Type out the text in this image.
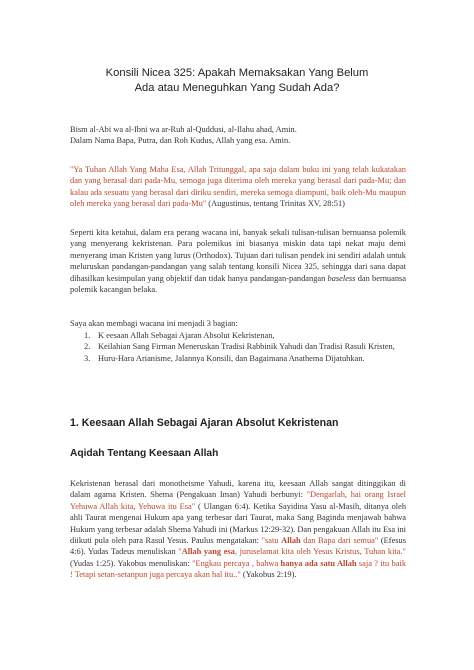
Konsili Nicea 325: Apakah Memaksakan Yang Belum
Ada atau Meneguhkan Yang Sudah Ada?
Bism al-Abi wa al-Ibni wa ar-Ruh al-Quddusi, al-Ilahu ahad, Amin.
Dalam Nama Bapa, Putra, dan Roh Kudus, Allah yang esa. Amin.

"Ya Tuhan Allah Yang Maha Esa, Allah Tritunggal, apa saja dalam buku ini yang telah kukatakan dan yang berasal dari pada-Mu, semoga juga diterima oleh mereka yang berasal dari pada-Mu; dan kalau ada sesuatu yang berasal dari diriku sendiri, mereka semoga diampuni, baik oleh-Mu maupun oleh mereka yang berasal dari pada-Mu" (Augustinus, tentang Trinitas XV, 28:51)

Seperti kita ketahui, dalam era perang wacana ini, banyak sekali tulisan-tulisan bernuansa polemik yang menyerang kekristenan. Para polemikus ini biasanya miskin data tapi nekat maju demi menyerang iman Kristen yang lurus (Orthodox). Tujuan dari tulisan pendek ini sendiri adalah untuk meluruskan pandangan-pandangan yang salah tentang konsili Nicea 325, sehingga dari sana dapat dihasilkan kesimpulan yang objektif dan tidak hanya pandangan-pandangan baseless dan bernuansa polemik kacangan belaka.

Saya akan membagi wacana ini menjadi 3 bagian:
1. K eesaan Allah Sebagai Ajaran Absolut Kekristenan,
2. Keilahian Sang Firman Meneruskan Tradisi Rabbinik Yahudi dan Tradisi Rasuli Kristen,
3. Huru-Hara Arianisme, Jalannya Konsili, dan Bagaimana Anathema Dijatuhkan.
1. Keesaan Allah Sebagai Ajaran Absolut Kekristenan
Aqidah Tentang Keesaan Allah

Kekristenan berasal dari monotheisme Yahudi, karena itu, keesaan Allah sangat ditinggikan di dalam agama Kristen. Shema (Pengakuan Iman) Yahudi berbunyi: "Dengarlah, hai orang Israel Yehuwa Allah kita, Yehuwa itu Esa" ( Ulangan 6:4). Ketika Sayidina Yasu al-Masih, ditanya oleh ahli Taurat mengenai Hukum apa yang terbesar dari Taurat, maka Sang Baginda menjawab bahwa Hukum yang terbesar adalah Shema Yahudi ini (Markus 12:29-32). Dan pengakuan Allah itu Esa ini diikuti pula oleh para Rasul Yesus. Paulus mengatakan: "satu Allah dan Bapa dari semua" (Efesus 4:6). Yudas Tadeus menuliskan "Allah yang esa, juruselamat kita oleh Yesus Kristus, Tuhan kita." (Yudas 1:25). Yakobus menuliskan: "Engkau percaya , bahwa hanya ada satu Allah saja ? itu baik ! Tetapi setan-setanpun juga percaya akan hal itu.." (Yakobus 2:19).
